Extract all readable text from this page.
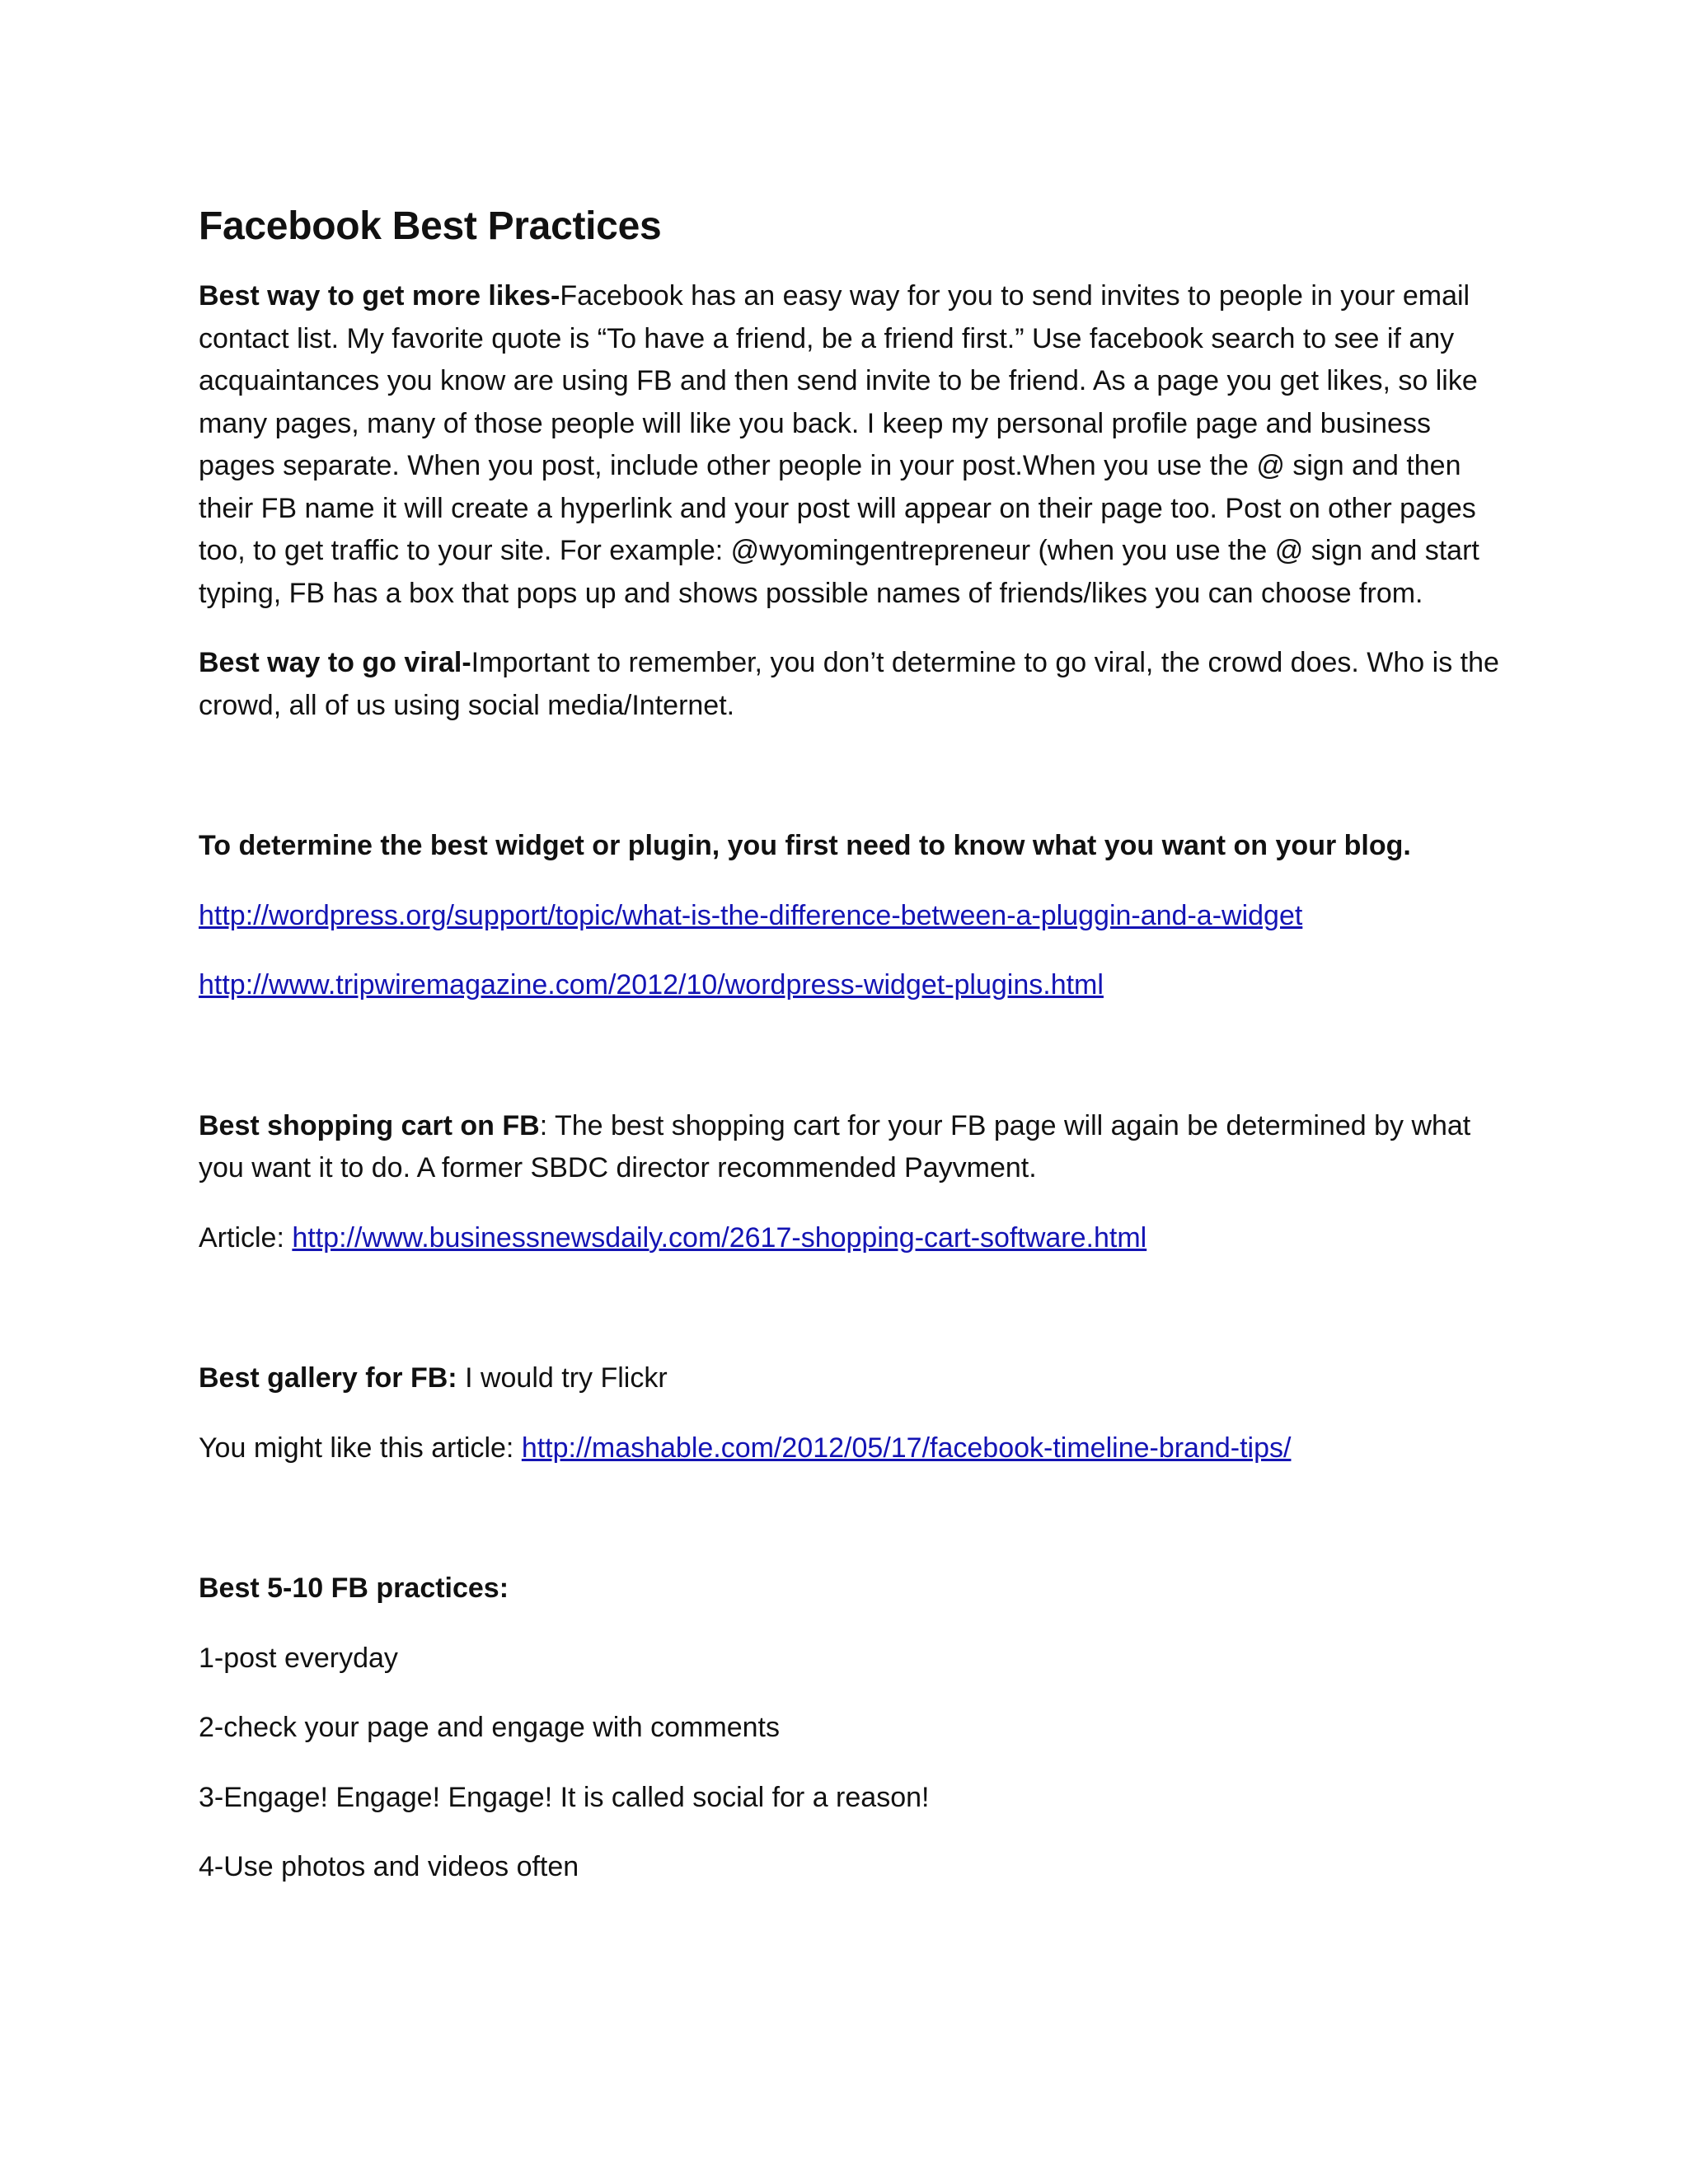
Facebook Best Practices

Best way to get more likes-Facebook has an easy way for you to send invites to people in your email contact list. My favorite quote is “To have a friend, be a friend first.” Use facebook search to see if any acquaintances you know are using FB and then send invite to be friend. As a page you get likes, so like many pages, many of those people will like you back. I keep my personal profile page and business pages separate. When you post, include other people in your post.When you use the @ sign and then their FB name it will create a hyperlink and your post will appear on their page too. Post on other pages too, to get traffic to your site. For example: @wyomingentrepreneur (when you use the @ sign and start typing, FB has a box that pops up and shows possible names of friends/likes you can choose from.

Best way to go viral-Important to remember, you don’t determine to go viral, the crowd does. Who is the crowd, all of us using social media/Internet.

To determine the best widget or plugin, you first need to know what you want on your blog.

http://wordpress.org/support/topic/what-is-the-difference-between-a-pluggin-and-a-widget

http://www.tripwiremagazine.com/2012/10/wordpress-widget-plugins.html

Best shopping cart on FB: The best shopping cart for your FB page will again be determined by what you want it to do. A former SBDC director recommended Payvment.

Article: http://www.businessnewsdaily.com/2617-shopping-cart-software.html

Best gallery for FB: I would try Flickr

You might like this article: http://mashable.com/2012/05/17/facebook-timeline-brand-tips/

Best 5-10 FB practices:

1-post everyday

2-check your page and engage with comments

3-Engage! Engage! Engage! It is called social for a reason!

4-Use photos and videos often
